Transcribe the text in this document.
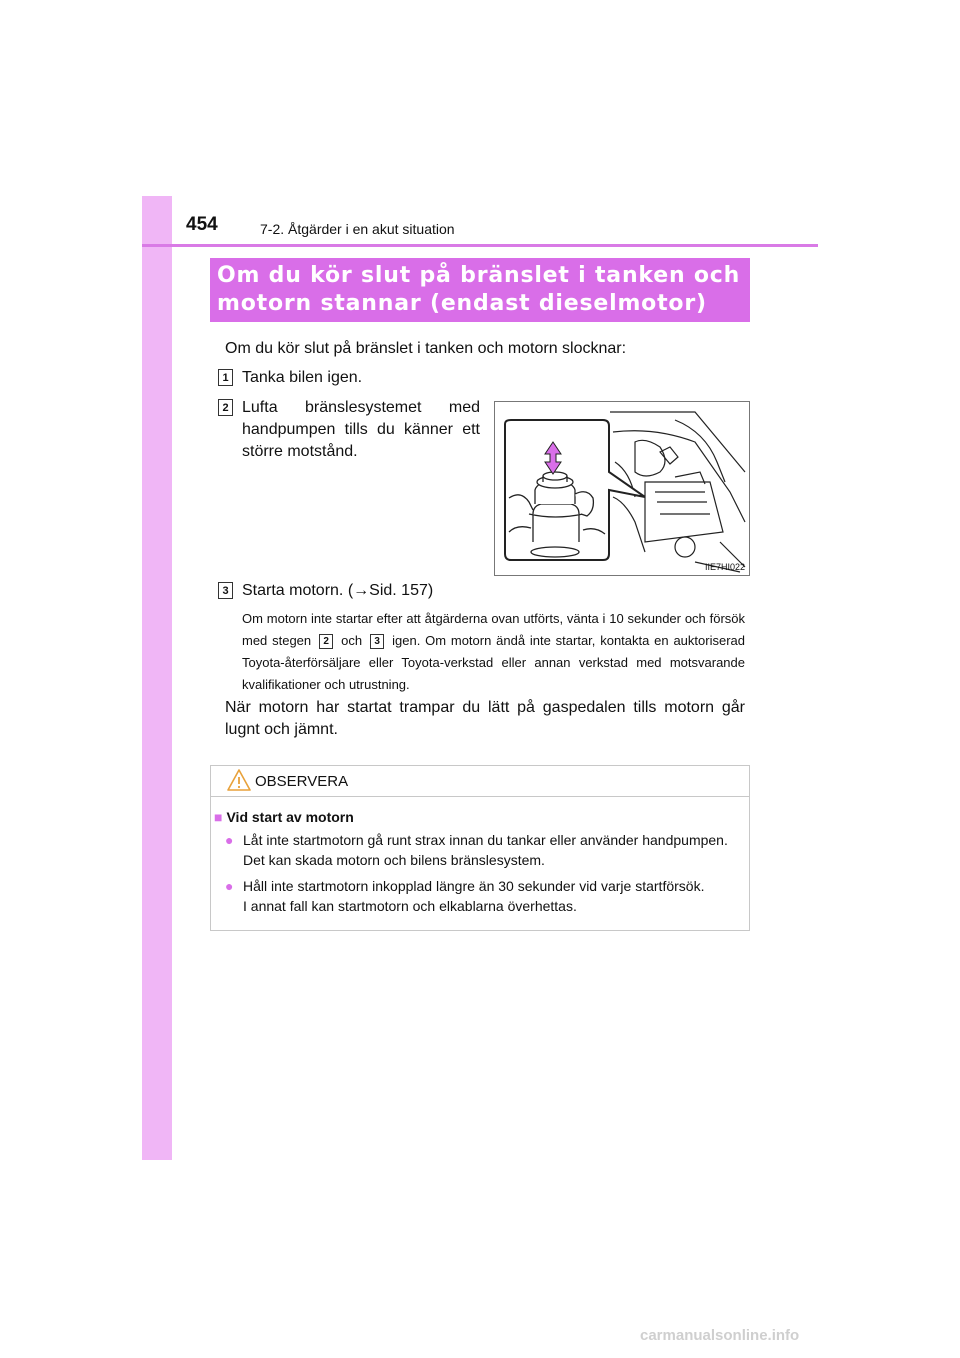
454	7-2. Åtgärder i en akut situation
Om du kör slut på bränslet i tanken och
motorn stannar (endast dieselmotor)
Om du kör slut på bränslet i tanken och motorn slocknar:
1 Tanka bilen igen.
2 Lufta bränslesystemet med handpumpen tills du känner ett större motstånd.
IIE7HI022
3 Starta motorn. (→Sid. 157)
Om motorn inte startar efter att åtgärderna ovan utförts, vänta i 10 sekunder och försök med stegen 2 och 3 igen. Om motorn ändå inte startar, kontakta en auktoriserad Toyota-återförsäljare eller Toyota-verkstad eller annan verkstad med motsvarande kvalifikationer och utrustning.
När motorn har startat trampar du lätt på gaspedalen tills motorn går lugnt och jämnt.
OBSERVERA
■ Vid start av motorn
● Låt inte startmotorn gå runt strax innan du tankar eller använder handpumpen.
Det kan skada motorn och bilens bränslesystem.
● Håll inte startmotorn inkopplad längre än 30 sekunder vid varje startförsök.
I annat fall kan startmotorn och elkablarna överhettas.
carmanualsonline.info
